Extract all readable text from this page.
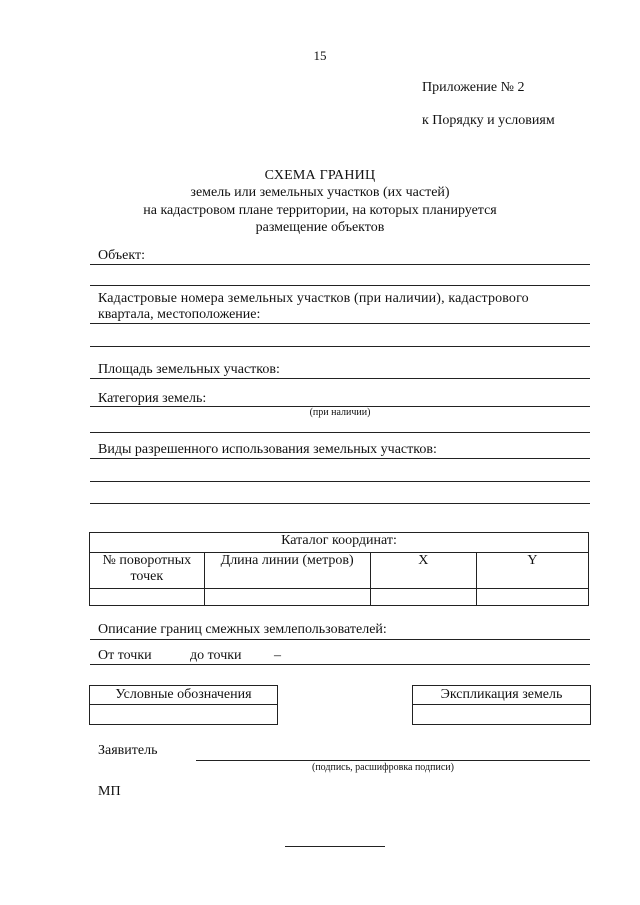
15
Приложение № 2
к Порядку и условиям
СХЕМА ГРАНИЦ
земель или земельных участков (их частей)
на кадастровом плане территории, на которых планируется
размещение объектов
Объект:
Кадастровые номера земельных участков (при наличии), кадастрового
квартала, местоположение:
Площадь земельных участков:
Категория земель:
(при наличии)
Виды разрешенного использования земельных участков:
Каталог координат:			
№ поворотных точек	Длина линии (метров)	X	Y

Описание границ смежных землепользователей:
От точки	до точки –
Условные обозначения	Экспликация земель
Заявитель
(подпись, расшифровка подписи)
МП
